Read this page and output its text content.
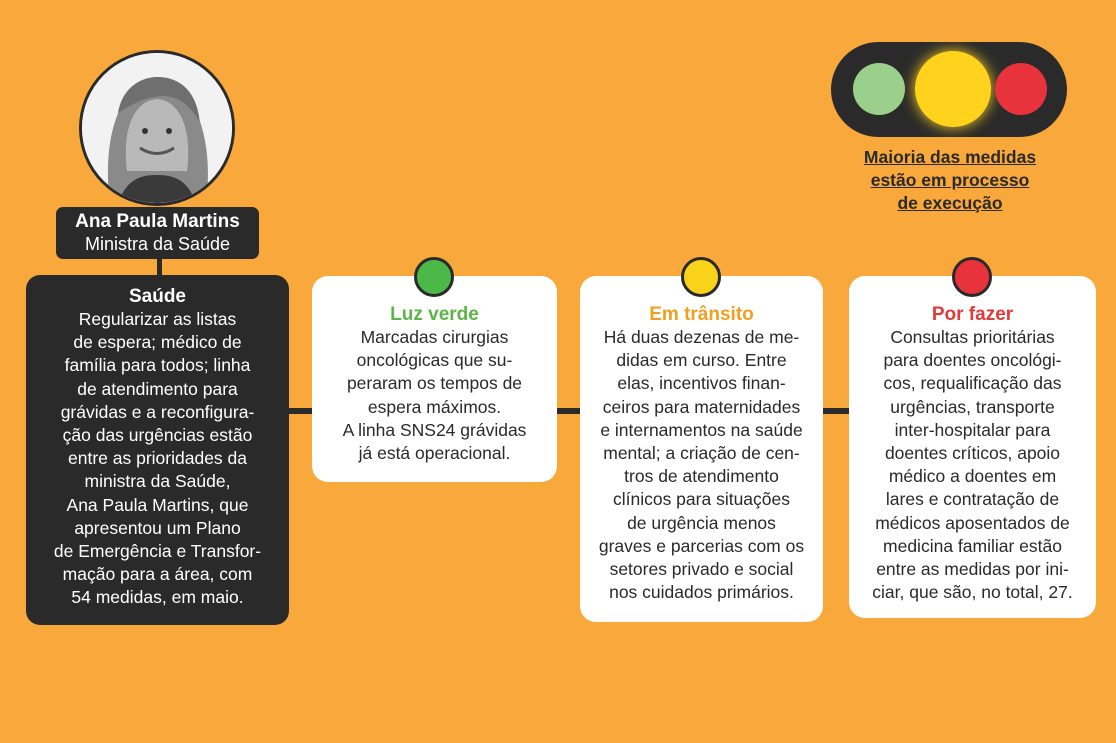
Ana Paula Martins
Ministra da Saúde
Saúde
Regularizar as listas
de espera; médico de
família para todos; linha
de atendimento para
grávidas e a reconfigura-
ção das urgências estão
entre as prioridades da
ministra da Saúde,
Ana Paula Martins, que
apresentou um Plano
de Emergência e Transfor-
mação para a área, com
54 medidas, em maio.
Luz verde
Marcadas cirurgias
oncológicas que su-
peraram os tempos de
espera máximos.
A linha SNS24 grávidas
já está operacional.
Em trânsito
Há duas dezenas de me-
didas em curso. Entre
elas, incentivos finan-
ceiros para maternidades
e internamentos na saúde
mental; a criação de cen-
tros de atendimento
clínicos para situações
de urgência menos
graves e parcerias com os
setores privado e social
nos cuidados primários.
Por fazer
Consultas prioritárias
para doentes oncológi-
cos, requalificação das
urgências, transporte
inter-hospitalar para
doentes críticos, apoio
médico a doentes em
lares e contratação de
médicos aposentados de
medicina familiar estão
entre as medidas por ini-
ciar, que são, no total, 27.
Maioria das medidas
estão em processo
de execução
